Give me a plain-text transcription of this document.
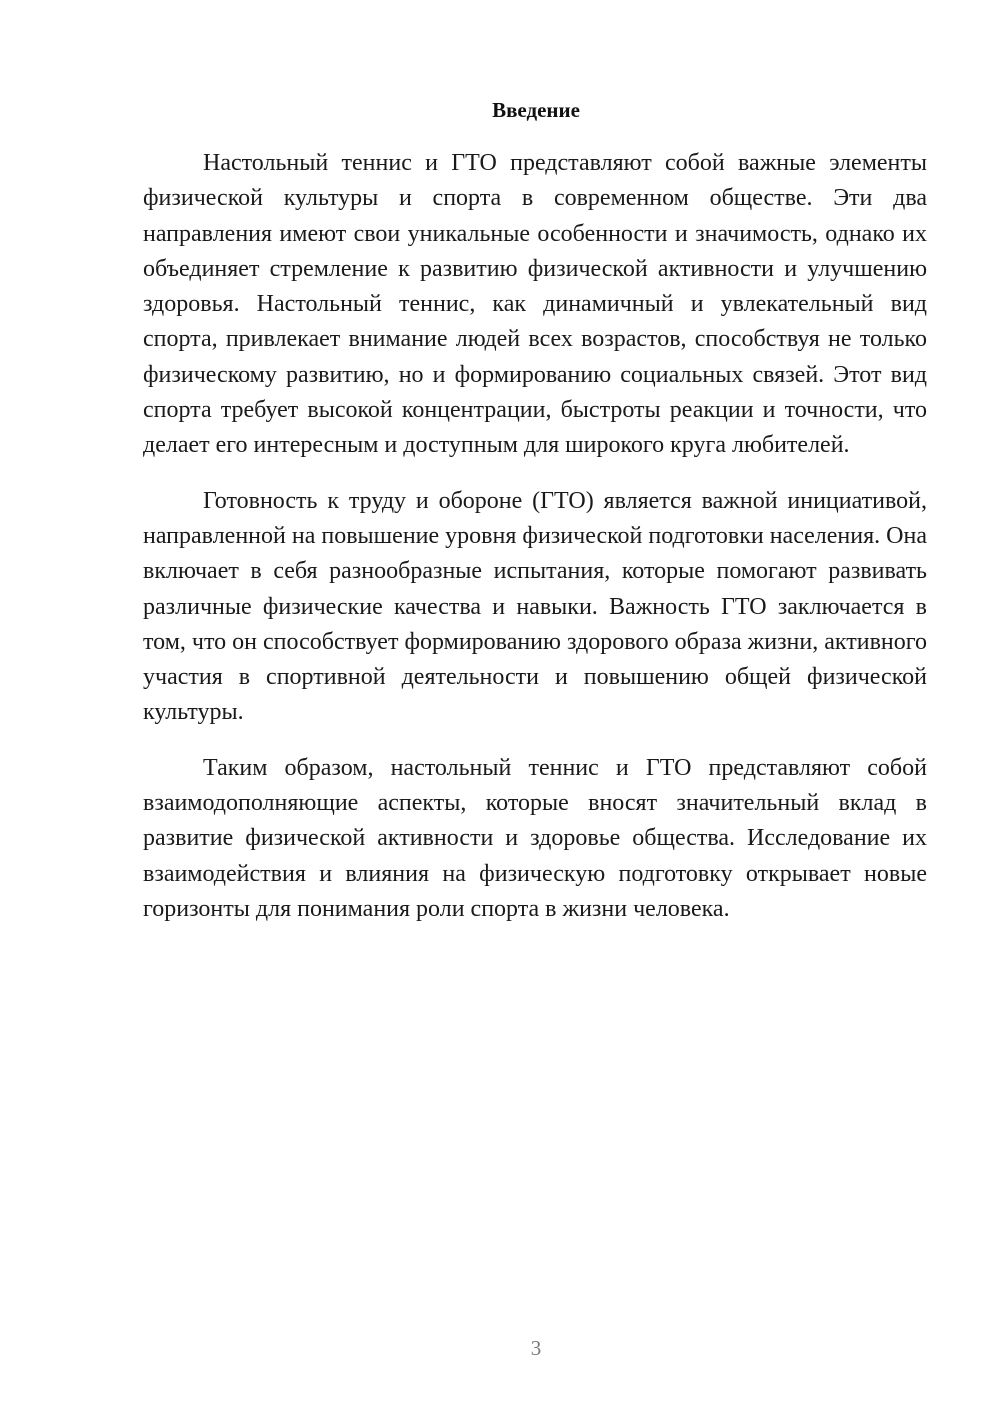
Введение

Настольный теннис и ГТО представляют собой важные элементы физической культуры и спорта в современном обществе. Эти два направления имеют свои уникальные особенности и значимость, однако их объединяет стремление к развитию физической активности и улучшению здоровья. Настольный теннис, как динамичный и увлекательный вид спорта, привлекает внимание людей всех возрастов, способствуя не только физическому развитию, но и формированию социальных связей. Этот вид спорта требует высокой концентрации, быстроты реакции и точности, что делает его интересным и доступным для широкого круга любителей.

Готовность к труду и обороне (ГТО) является важной инициативой, направленной на повышение уровня физической подготовки населения. Она включает в себя разнообразные испытания, которые помогают развивать различные физические качества и навыки. Важность ГТО заключается в том, что он способствует формированию здорового образа жизни, активного участия в спортивной деятельности и повышению общей физической культуры.

Таким образом, настольный теннис и ГТО представляют собой взаимодополняющие аспекты, которые вносят значительный вклад в развитие физической активности и здоровье общества. Исследование их взаимодействия и влияния на физическую подготовку открывает новые горизонты для понимания роли спорта в жизни человека.

3
